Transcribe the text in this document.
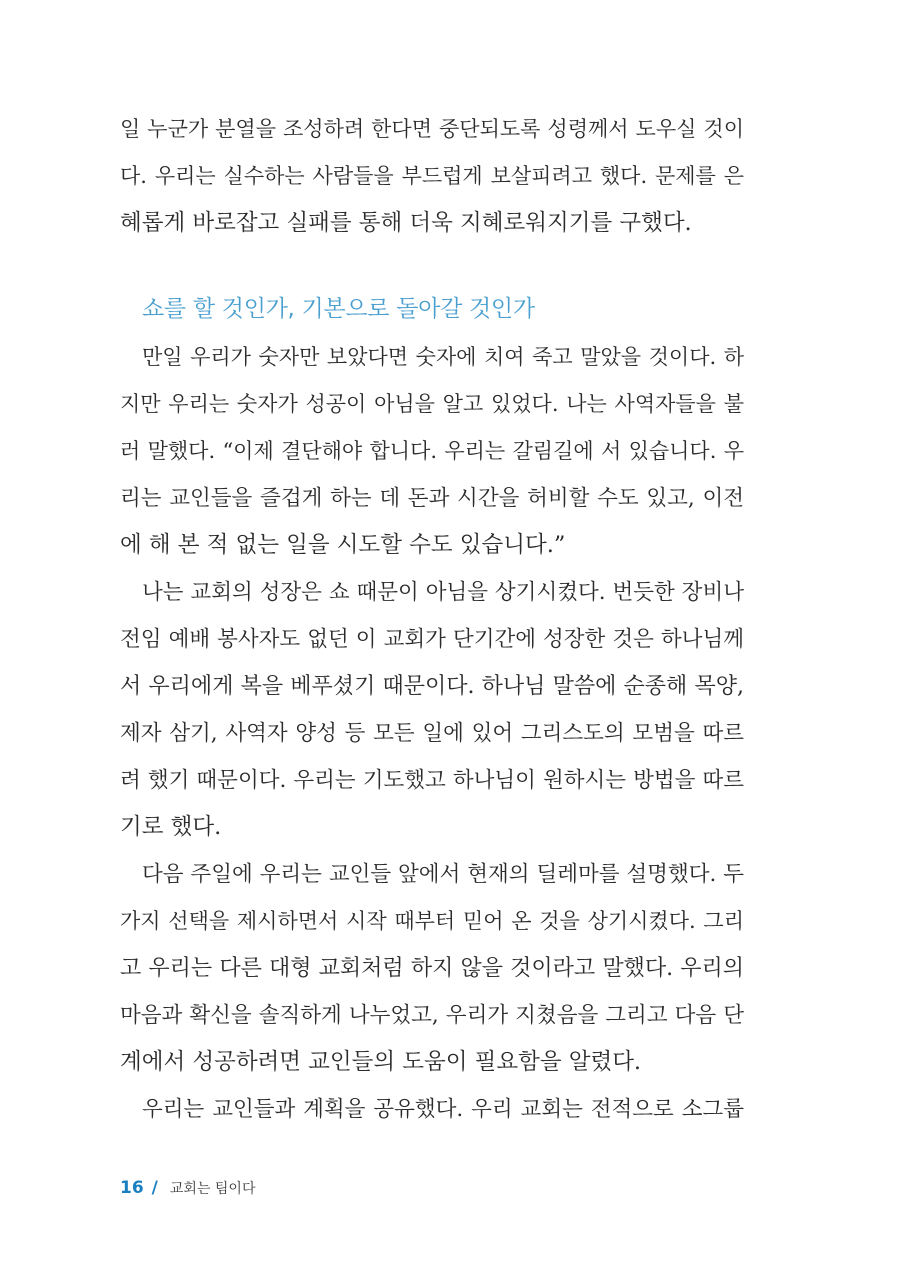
일 누군가 분열을 조성하려 한다면 중단되도록 성령께서 도우실 것이
다. 우리는 실수하는 사람들을 부드럽게 보살피려고 했다. 문제를 은
혜롭게 바로잡고 실패를 통해 더욱 지혜로워지기를 구했다.
쇼를 할 것인가, 기본으로 돌아갈 것인가
만일 우리가 숫자만 보았다면 숫자에 치여 죽고 말았을 것이다. 하
지만 우리는 숫자가 성공이 아님을 알고 있었다. 나는 사역자들을 불
러 말했다. “이제 결단해야 합니다. 우리는 갈림길에 서 있습니다. 우
리는 교인들을 즐겁게 하는 데 돈과 시간을 허비할 수도 있고, 이전
에 해 본 적 없는 일을 시도할 수도 있습니다.”
나는 교회의 성장은 쇼 때문이 아님을 상기시켰다. 번듯한 장비나
전임 예배 봉사자도 없던 이 교회가 단기간에 성장한 것은 하나님께
서 우리에게 복을 베푸셨기 때문이다. 하나님 말씀에 순종해 목양,
제자 삼기, 사역자 양성 등 모든 일에 있어 그리스도의 모범을 따르
려 했기 때문이다. 우리는 기도했고 하나님이 원하시는 방법을 따르
기로 했다.
다음 주일에 우리는 교인들 앞에서 현재의 딜레마를 설명했다. 두
가지 선택을 제시하면서 시작 때부터 믿어 온 것을 상기시켰다. 그리
고 우리는 다른 대형 교회처럼 하지 않을 것이라고 말했다. 우리의
마음과 확신을 솔직하게 나누었고, 우리가 지쳤음을 그리고 다음 단
계에서 성공하려면 교인들의 도움이 필요함을 알렸다.
우리는 교인들과 계획을 공유했다. 우리 교회는 전적으로 소그룹
16 / 교회는 팀이다
